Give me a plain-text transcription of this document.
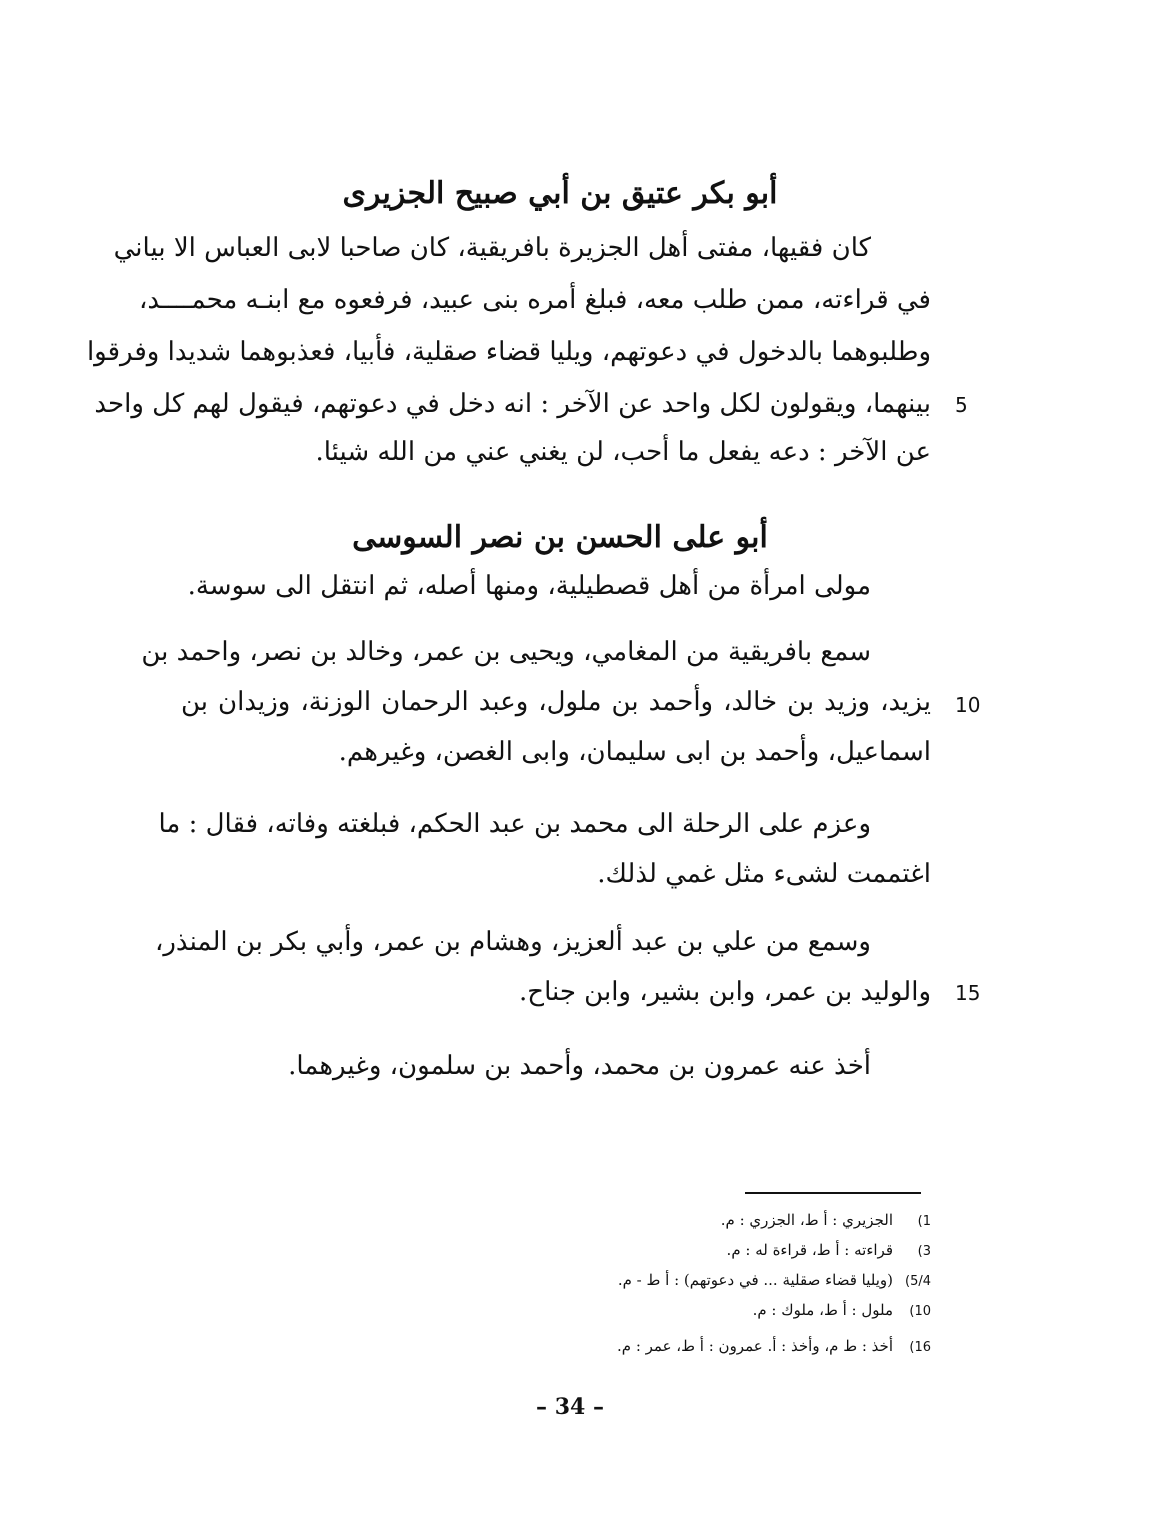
أبو بكر عتيق بن أبي صبيح الجزيرى
كان فقيها، مفتى أهل الجزيرة بافريقية، كان صاحبا لابى العباس الا بياني
في قراءته، ممن طلب معه، فبلغ أمره بنى عبيد، فرفعوه مع ابنـه محمــــد،
وطلبوهما بالدخول في دعوتهم، ويليا قضاء صقلية، فأبيا، فعذبوهما شديدا وفرقوا
بينهما، ويقولون لكل واحد عن الآخر : انه دخل في دعوتهم، فيقول لهم كل واحد 5
عن الآخر : دعه يفعل ما أحب، لن يغني عني من الله شيئا.
أبو على الحسن بن نصر السوسى
مولى امرأة من أهل قصطيلية، ومنها أصله، ثم انتقل الى سوسة.
سمع بافريقية من المغامي، ويحيى بن عمر، وخالد بن نصر، واحمد بن
يزيد، وزيد بن خالد، وأحمد بن ملول، وعبد الرحمان الوزنة، وزيدان بن 10
اسماعيل، وأحمد بن ابى سليمان، وابى الغصن، وغيرهم.
وعزم على الرحلة الى محمد بن عبد الحكم، فبلغته وفاته، فقال : ما
اغتممت لشىء مثل غمي لذلك.
وسمع من علي بن عبد ألعزيز، وهشام بن عمر، وأبي بكر بن المنذر،
والوليد بن عمر، وابن بشير، وابن جناح. 15
أخذ عنه عمرون بن محمد، وأحمد بن سلمون، وغيرهما.
1)الجزيري : أ ط، الجزري : م.
3)قراءته : أ ط، قراءة له : م.
5/4)(ويليا قضاء صقلية ... في دعوتهم) : أ ط - م.
10)ملول : أ ط، ملوك : م.
16)أخذ : ط م، وأخذ : أ. عمرون : أ ط، عمر : م.
– 34 –
